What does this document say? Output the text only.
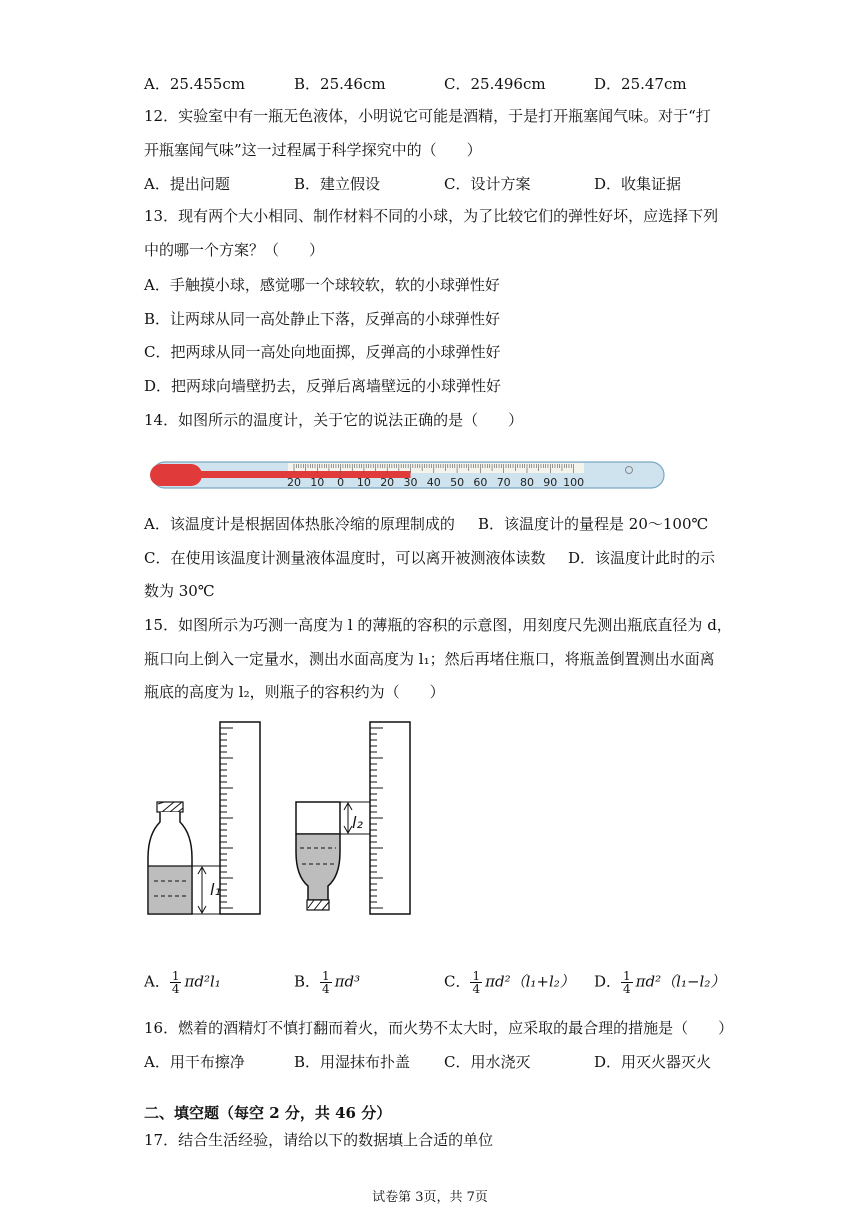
A．25.455cm	B．25.46cm	C．25.496cm	D．25.47cm
12．实验室中有一瓶无色液体，小明说它可能是酒精，于是打开瓶塞闻气味。对于“打
开瓶塞闻气味”这一过程属于科学探究中的（　　）
A．提出问题	B．建立假设	C．设计方案	D．收集证据
13．现有两个大小相同、制作材料不同的小球，为了比较它们的弹性好坏，应选择下列
中的哪一个方案？（　　）
A．手触摸小球，感觉哪一个球较软，软的小球弹性好
B．让两球从同一高处静止下落，反弹高的小球弹性好
C．把两球从同一高处向地面掷，反弹高的小球弹性好
D．把两球向墙壁扔去，反弹后离墙壁远的小球弹性好
14．如图所示的温度计，关于它的说法正确的是（　　）
20 10 0 10 20 30 40 50 60 70 80 90 100
A．该温度计是根据固体热胀冷缩的原理制成的 B．该温度计的量程是 20～100℃
C．在使用该温度计测量液体温度时，可以离开被测液体读数 D．该温度计此时的示
数为 30℃
15．如图所示为巧测一高度为 l 的薄瓶的容积的示意图，用刻度尺先测出瓶底直径为 d，
瓶口向上倒入一定量水，测出水面高度为 l₁；然后再堵住瓶口，将瓶盖倒置测出水面离
瓶底的高度为 l₂，则瓶子的容积约为（　　）
l₁
l₂
A． $\frac{1}{4} \pi d^2l_1$	B． $\frac{1}{4} \pi d^3$	C． $\frac{1}{4} \pi d^2(l_1+l_2)$ D． $\frac{1}{4} \pi d^2(l_1-l_2)$
16．燃着的酒精灯不慎打翻而着火，而火势不太大时，应采取的最合理的措施是（　　）
A．用干布擦净	B．用湿抹布扑盖 C．用水浇灭	D．用灭火器灭火
二、填空题（每空 2 分，共 46 分）
17．结合生活经验，请给以下的数据填上合适的单位
试卷第 3页，共 7页
